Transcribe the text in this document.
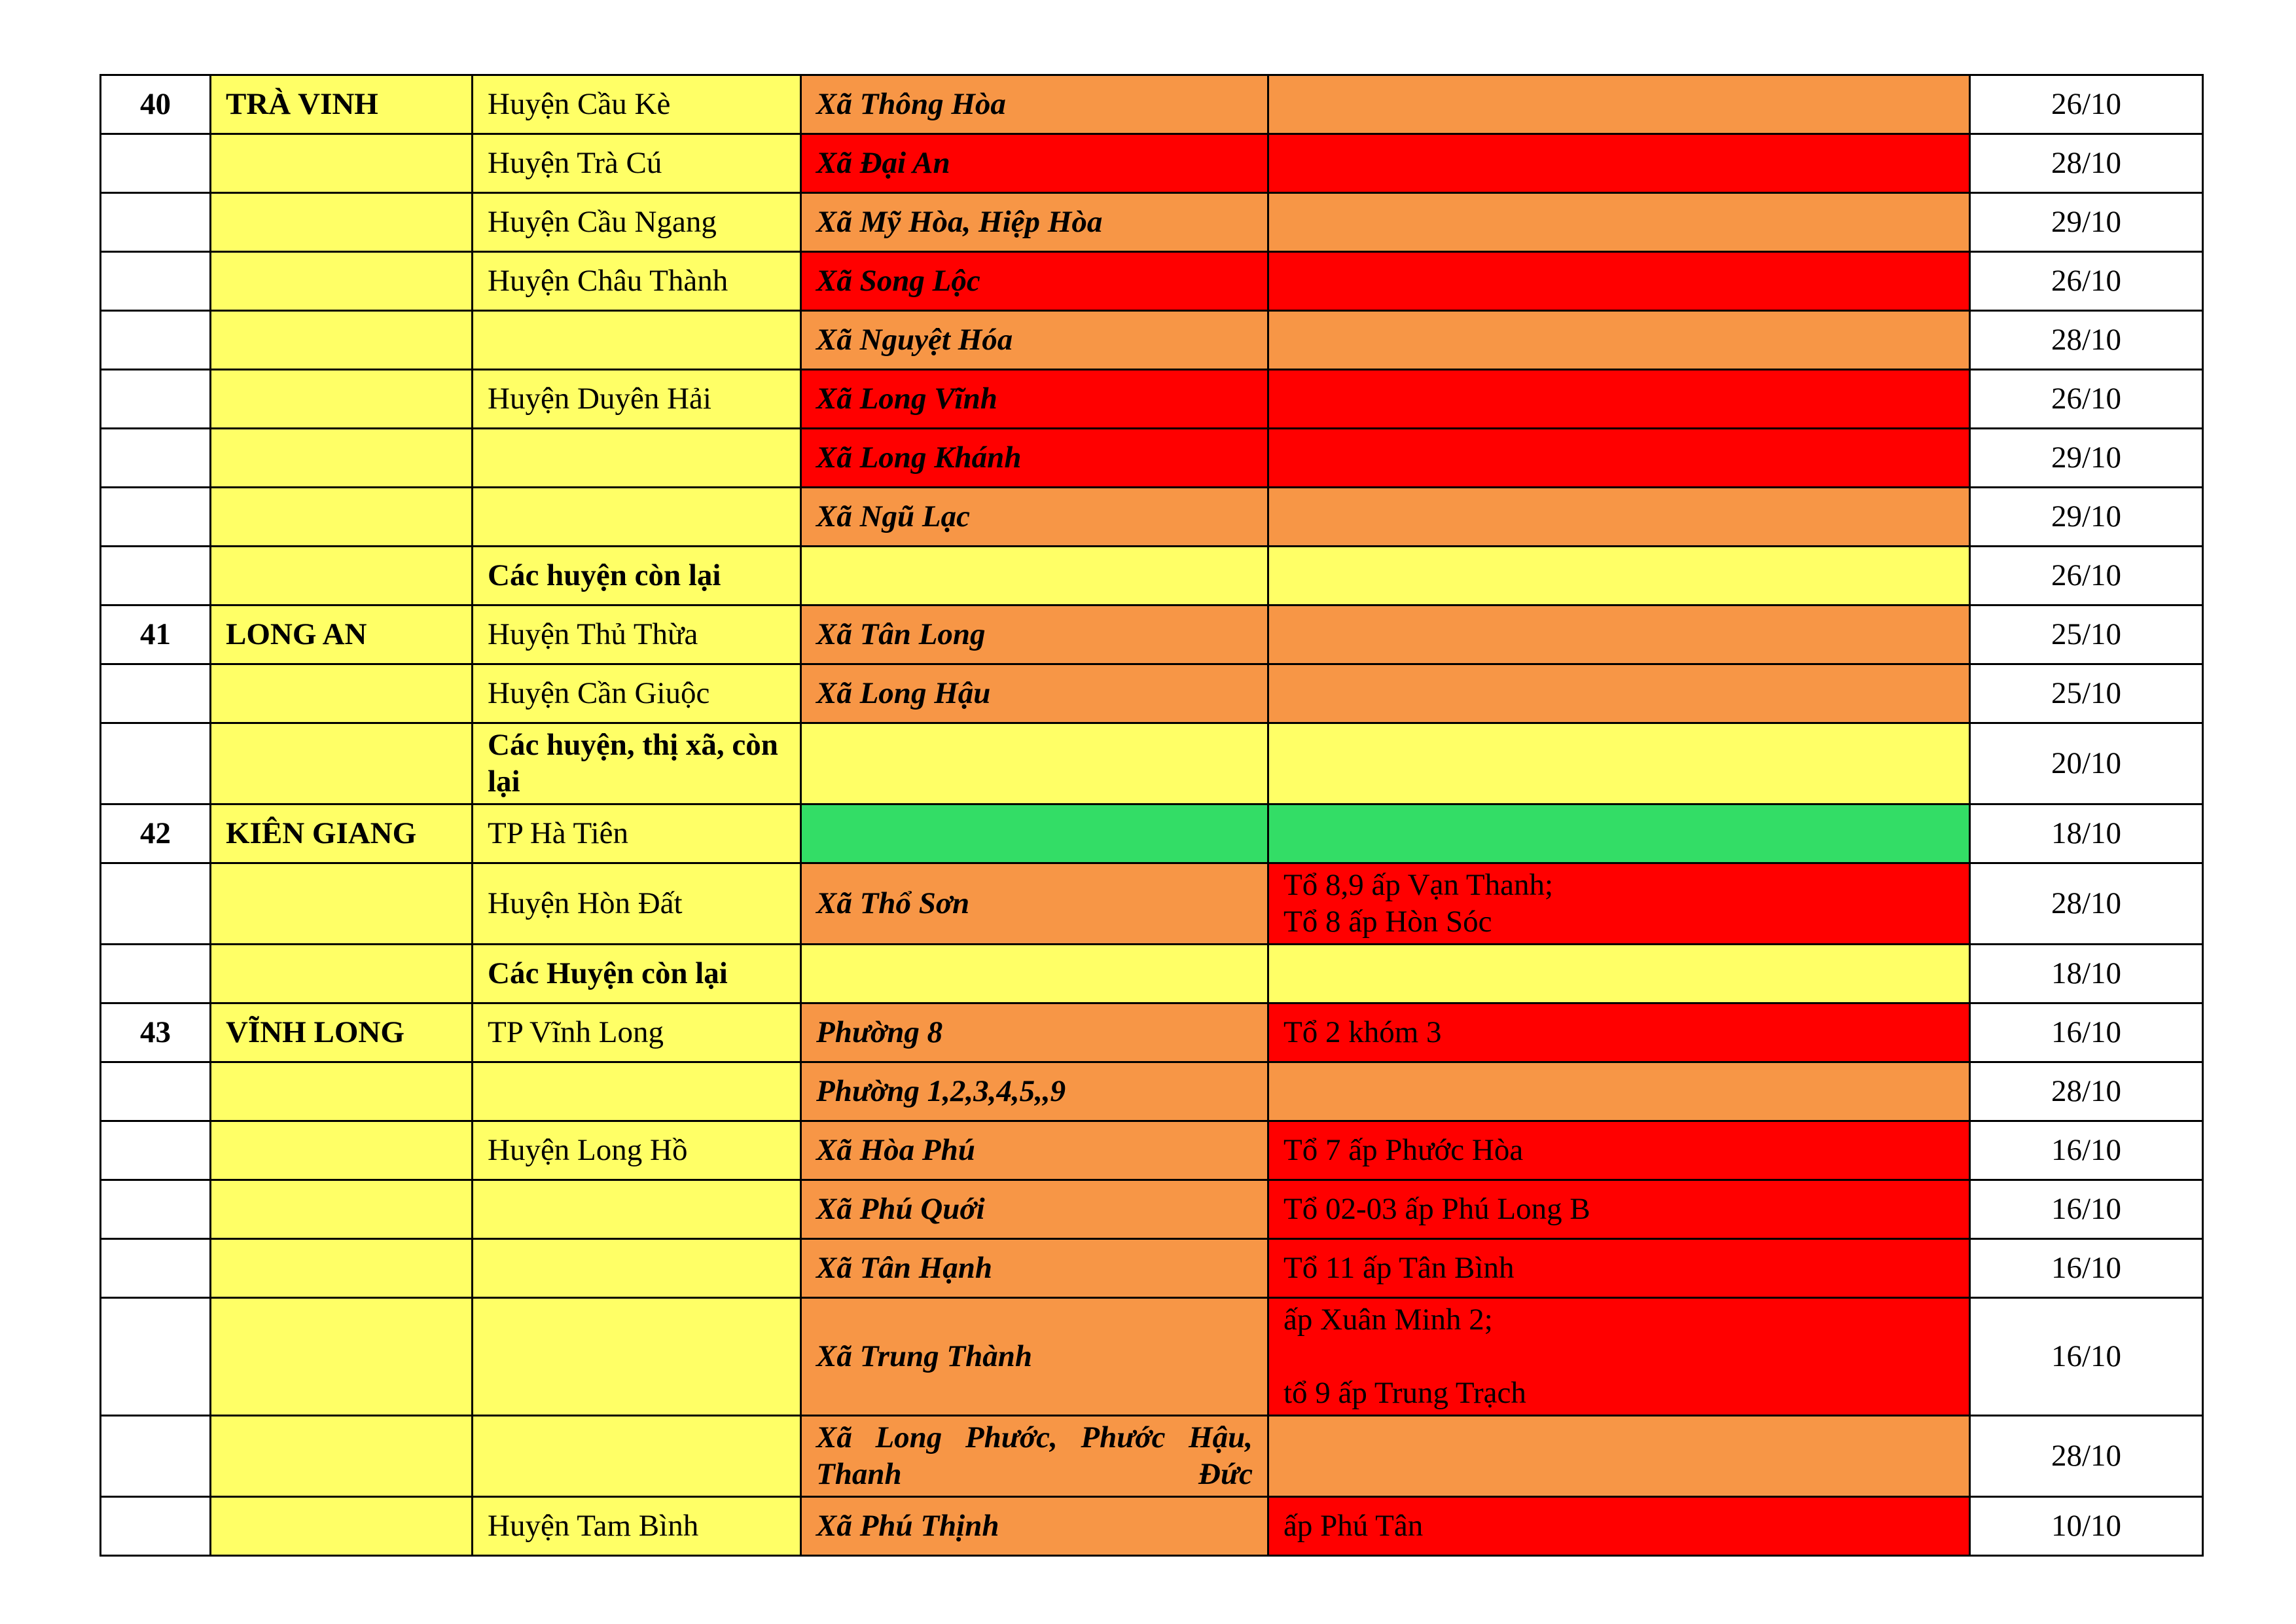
40	TRÀ VINH	Huyện Cầu Kè	Xã Thông Hòa		26/10
		Huyện Trà Cú	Xã Đại An		28/10
		Huyện Cầu Ngang	Xã Mỹ Hòa, Hiệp Hòa		29/10
		Huyện Châu Thành	Xã Song Lộc		26/10
			Xã Nguyệt Hóa		28/10
		Huyện Duyên Hải	Xã Long Vĩnh		26/10
			Xã Long Khánh		29/10
			Xã Ngũ Lạc		29/10
		Các huyện còn lại			26/10
41	LONG AN	Huyện Thủ Thừa	Xã Tân Long		25/10
		Huyện Cần Giuộc	Xã Long Hậu		25/10
		Các huyện, thị xã, còn lại			20/10
42	KIÊN GIANG	TP Hà Tiên			18/10
		Huyện Hòn Đất	Xã Thổ Sơn	Tổ 8,9 ấp Vạn Thanh;
Tổ 8 ấp Hòn Sóc	28/10
		Các Huyện còn lại			18/10
43	VĨNH LONG	TP Vĩnh Long	Phường 8	Tổ 2 khóm 3	16/10
			Phường 1,2,3,4,5,,9		28/10
		Huyện Long Hồ	Xã Hòa Phú	Tổ 7 ấp Phước Hòa	16/10
			Xã Phú Quới	Tổ 02-03 ấp Phú Long B	16/10
			Xã Tân Hạnh	Tổ 11 ấp Tân Bình	16/10
			Xã Trung Thành	ấp Xuân Minh 2;

tổ 9 ấp Trung Trạch	16/10
			Xã Long Phước, Phước Hậu, Thanh Đức		28/10
		Huyện Tam Bình	Xã Phú Thịnh	ấp Phú Tân	10/10
